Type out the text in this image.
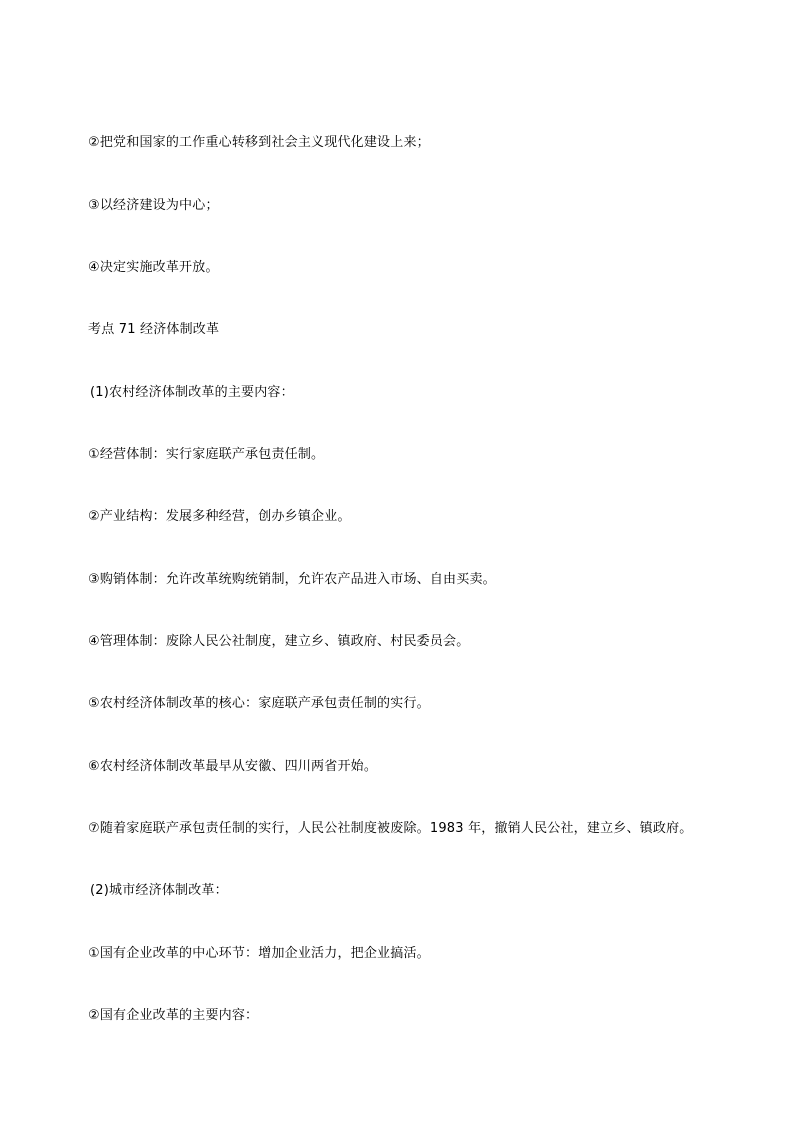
②把党和国家的工作重心转移到社会主义现代化建设上来；
③以经济建设为中心；
④决定实施改革开放。
考点 71 经济体制改革
(1)农村经济体制改革的主要内容：
①经营体制：实行家庭联产承包责任制。
②产业结构：发展多种经营，创办乡镇企业。
③购销体制：允许改革统购统销制，允许农产品进入市场、自由买卖。
④管理体制：废除人民公社制度，建立乡、镇政府、村民委员会。
⑤农村经济体制改革的核心：家庭联产承包责任制的实行。
⑥农村经济体制改革最早从安徽、四川两省开始。
⑦随着家庭联产承包责任制的实行，人民公社制度被废除。1983 年，撤销人民公社，建立乡、镇政府。
(2)城市经济体制改革：
①国有企业改革的中心环节：增加企业活力，把企业搞活。
②国有企业改革的主要内容：
